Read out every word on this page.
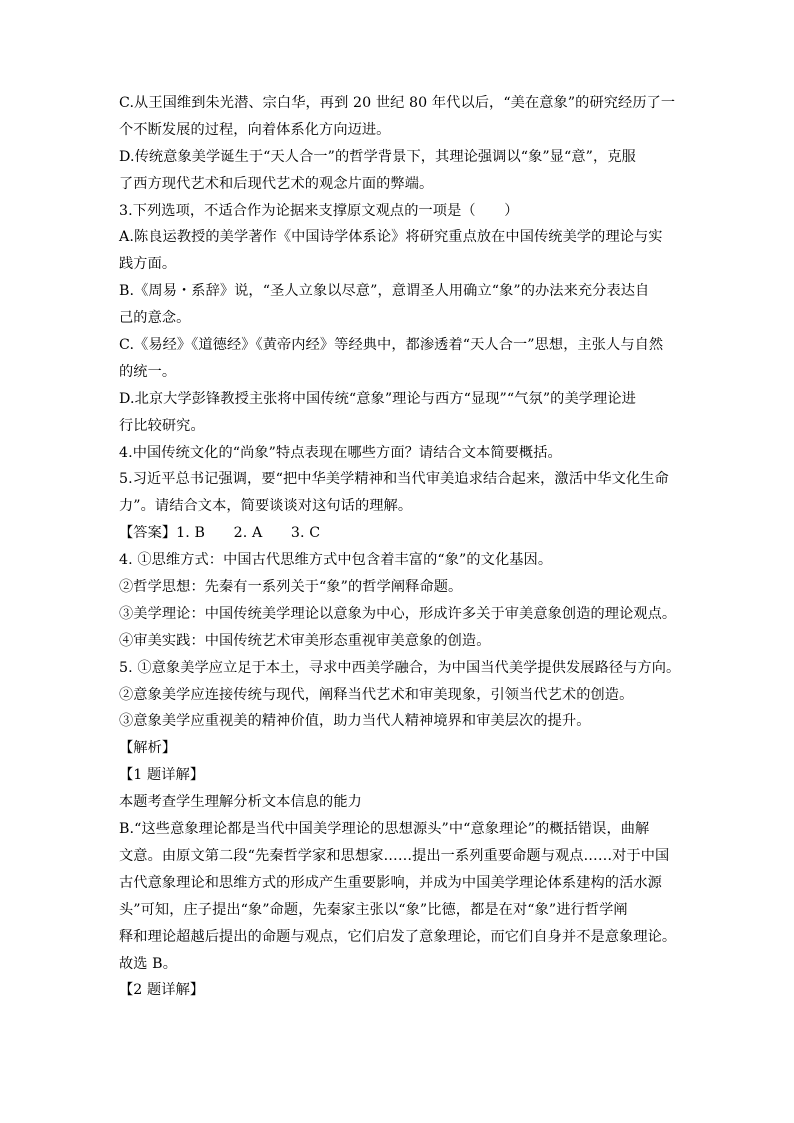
C.从王国维到朱光潜、宗白华，再到 20 世纪 80 年代以后，“美在意象”的研究经历了一
个不断发展的过程，向着体系化方向迈进。
D.传统意象美学诞生于“天人合一”的哲学背景下，其理论强调以“象”显“意”，克服
了西方现代艺术和后现代艺术的观念片面的弊端。
3.下列选项，不适合作为论据来支撑原文观点的一项是（　　）
A.陈良运教授的美学著作《中国诗学体系论》将研究重点放在中国传统美学的理论与实
践方面。
B.《周易・系辞》说，“圣人立象以尽意”，意谓圣人用确立“象”的办法来充分表达自
己的意念。
C.《易经》《道德经》《黄帝内经》等经典中，都渗透着“天人合一”思想，主张人与自然
的统一。
D.北京大学彭锋教授主张将中国传统“意象”理论与西方“显现”“气氛”的美学理论进
行比较研究。
4.中国传统文化的“尚象”特点表现在哪些方面？请结合文本简要概括。
5.习近平总书记强调，要“把中华美学精神和当代审美追求结合起来，激活中华文化生命
力”。请结合文本，简要谈谈对这句话的理解。
【答案】1. B　　2. A　　3. C
4. ①思维方式：中国古代思维方式中包含着丰富的“象”的文化基因。
②哲学思想：先秦有一系列关于“象”的哲学阐释命题。
③美学理论：中国传统美学理论以意象为中心，形成许多关于审美意象创造的理论观点。
④审美实践：中国传统艺术审美形态重视审美意象的创造。
5. ①意象美学应立足于本土，寻求中西美学融合，为中国当代美学提供发展路径与方向。
②意象美学应连接传统与现代，阐释当代艺术和审美现象，引领当代艺术的创造。
③意象美学应重视美的精神价值，助力当代人精神境界和审美层次的提升。
【解析】
【1 题详解】
本题考查学生理解分析文本信息的能力
B.“这些意象理论都是当代中国美学理论的思想源头”中“意象理论”的概括错误，曲解
文意。由原文第二段“先秦哲学家和思想家……提出一系列重要命题与观点……对于中国
古代意象理论和思维方式的形成产生重要影响，并成为中国美学理论体系建构的活水源
头”可知，庄子提出“象”命题，先秦家主张以“象”比德，都是在对“象”进行哲学阐
释和理论超越后提出的命题与观点，它们启发了意象理论，而它们自身并不是意象理论。
故选 B。
【2 题详解】
